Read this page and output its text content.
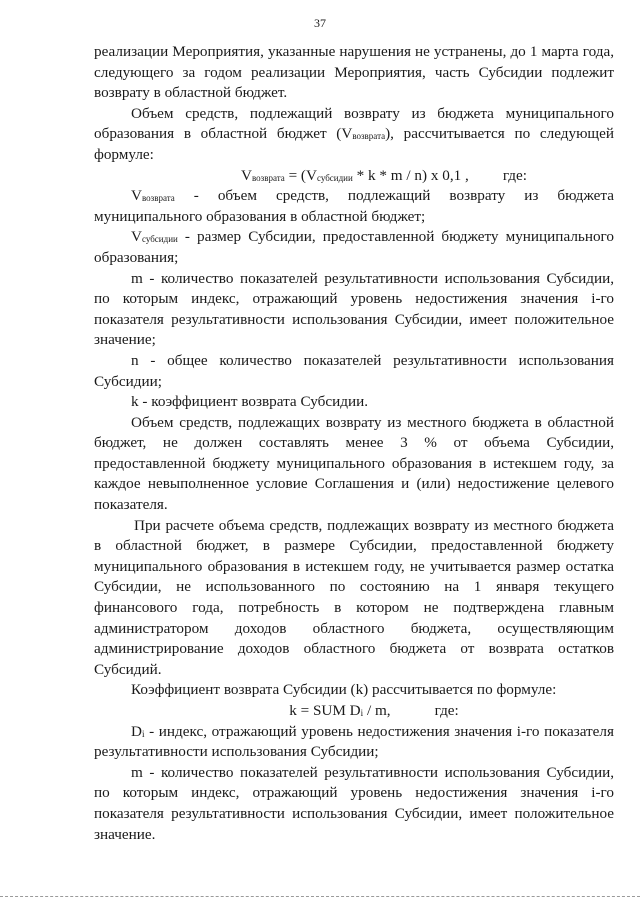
37

реализации Мероприятия, указанные нарушения не устранены, до 1 марта года, следующего за годом реализации Мероприятия, часть Субсидии подлежит возврату в областной бюджет.

Объем средств, подлежащий возврату из бюджета муниципального образования в областной бюджет $(V_{возврата})$, рассчитывается по следующей формуле:

$V_{возврата} = (V_{субсидии} * k * m / n)$ x 0,1 , где:

$V_{возврата}$ - объем средств, подлежащий возврату из бюджета муниципального образования в областной бюджет;

$V_{субсидии}$ - размер Субсидии, предоставленной бюджету муниципального образования;

m - количество показателей результативности использования Субсидии, по которым индекс, отражающий уровень недостижения значения i-го показателя результативности использования Субсидии, имеет положительное значение;

n - общее количество показателей результативности использования Субсидии;

k - коэффициент возврата Субсидии.

Объем средств, подлежащих возврату из местного бюджета в областной бюджет, не должен составлять менее 3 % от объема Субсидии, предоставленной бюджету муниципального образования в истекшем году, за каждое невыполненное условие Соглашения и (или) недостижение целевого показателя.

При расчете объема средств, подлежащих возврату из местного бюджета в областной бюджет, в размере Субсидии, предоставленной бюджету муниципального образования в истекшем году, не учитывается размер остатка Субсидии, не использованного по состоянию на 1 января текущего финансового года, потребность в котором не подтверждена главным администратором доходов областного бюджета, осуществляющим администрирование доходов областного бюджета от возврата остатков Субсидий.

Коэффициент возврата Субсидии (k) рассчитывается по формуле:

k = SUM $D_i$ / m,	где:

$D_i$ - индекс, отражающий уровень недостижения значения i-го показателя результативности использования Субсидии;

m - количество показателей результативности использования Субсидии, по которым индекс, отражающий уровень недостижения значения i-го показателя результативности использования Субсидии, имеет положительное значение.
